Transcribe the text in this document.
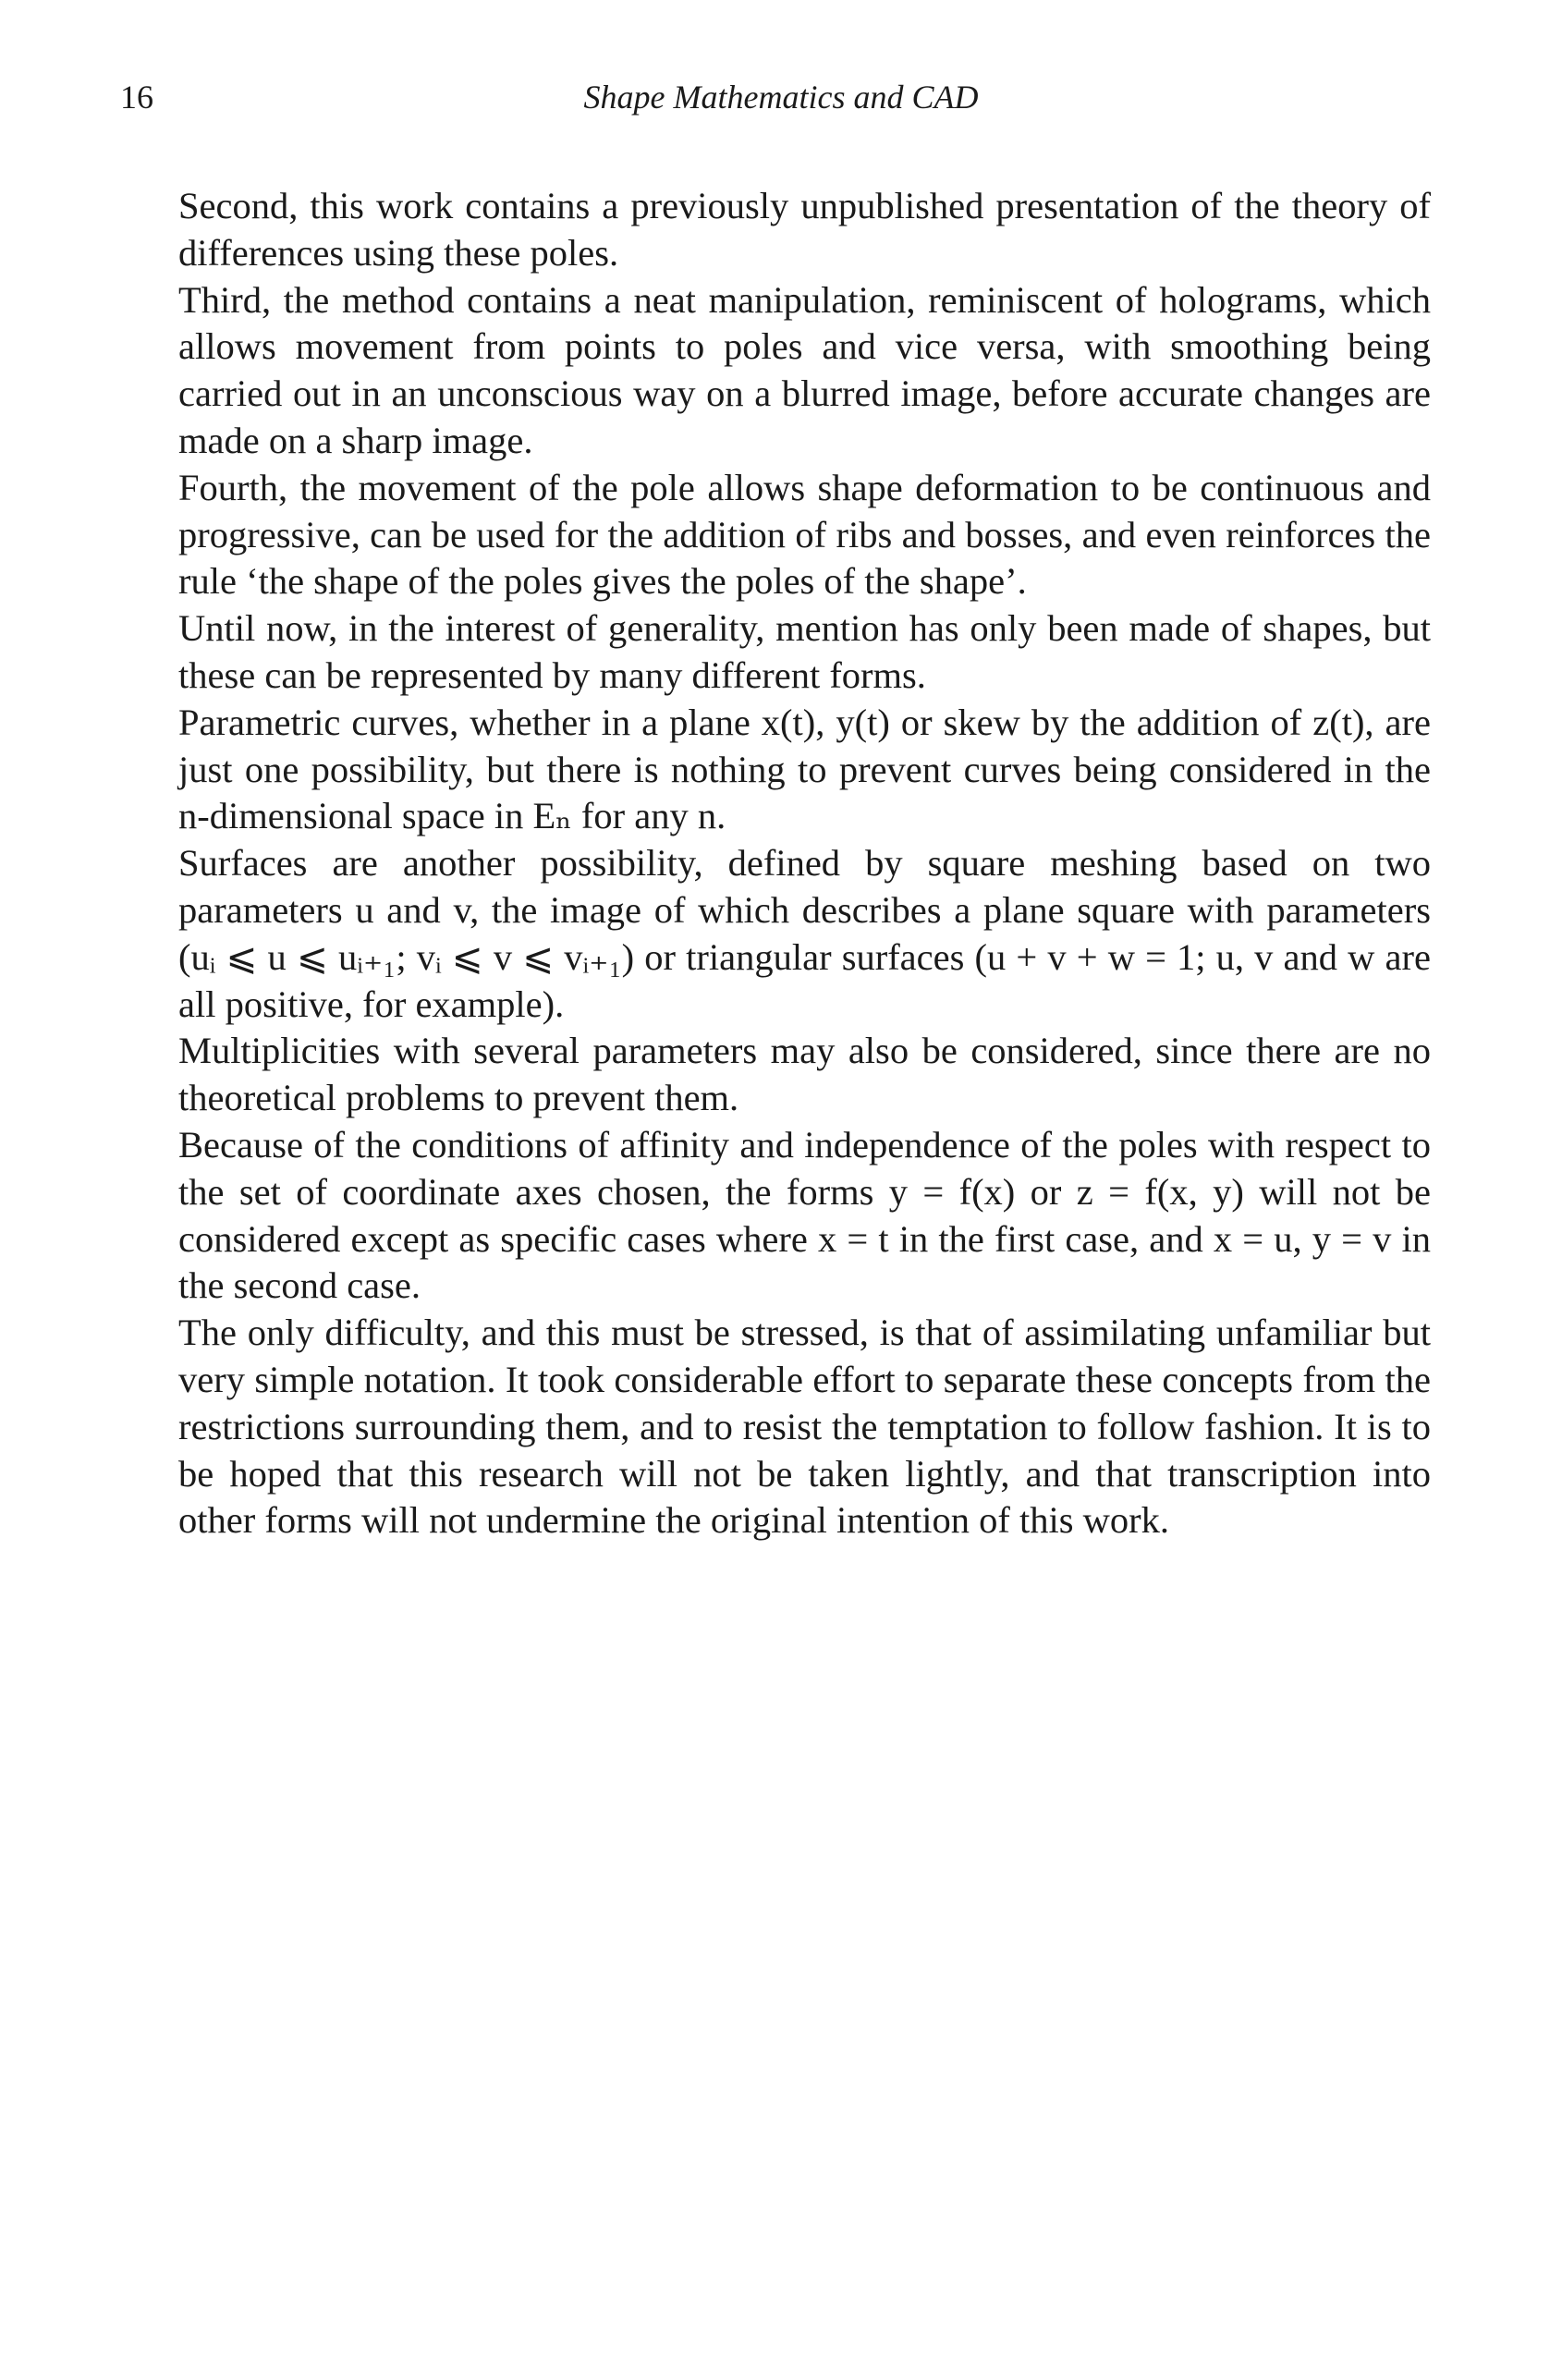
16	Shape Mathematics and CAD

Second, this work contains a previously unpublished presentation of the theory of differences using these poles.

Third, the method contains a neat manipulation, reminiscent of holograms, which allows movement from points to poles and vice versa, with smoothing being carried out in an unconscious way on a blurred image, before accurate changes are made on a sharp image.

Fourth, the movement of the pole allows shape deformation to be continuous and progressive, can be used for the addition of ribs and bosses, and even reinforces the rule ‘the shape of the poles gives the poles of the shape’.

Until now, in the interest of generality, mention has only been made of shapes, but these can be represented by many different forms.

Parametric curves, whether in a plane x(t), y(t) or skew by the addition of z(t), are just one possibility, but there is nothing to prevent curves being considered in the n-dimensional space in Eₙ for any n.

Surfaces are another possibility, defined by square meshing based on two parameters u and v, the image of which describes a plane square with parameters (uᵢ ⩽ u ⩽ uᵢ₊₁; vᵢ ⩽ v ⩽ vᵢ₊₁) or triangular surfaces (u + v + w = 1; u, v and w are all positive, for example).

Multiplicities with several parameters may also be considered, since there are no theoretical problems to prevent them.

Because of the conditions of affinity and independence of the poles with respect to the set of coordinate axes chosen, the forms y = f(x) or z = f(x, y) will not be considered except as specific cases where x = t in the first case, and x = u, y = v in the second case.

The only difficulty, and this must be stressed, is that of assimilating unfamiliar but very simple notation. It took considerable effort to separate these concepts from the restrictions surrounding them, and to resist the temptation to follow fashion. It is to be hoped that this research will not be taken lightly, and that transcription into other forms will not undermine the original intention of this work.
